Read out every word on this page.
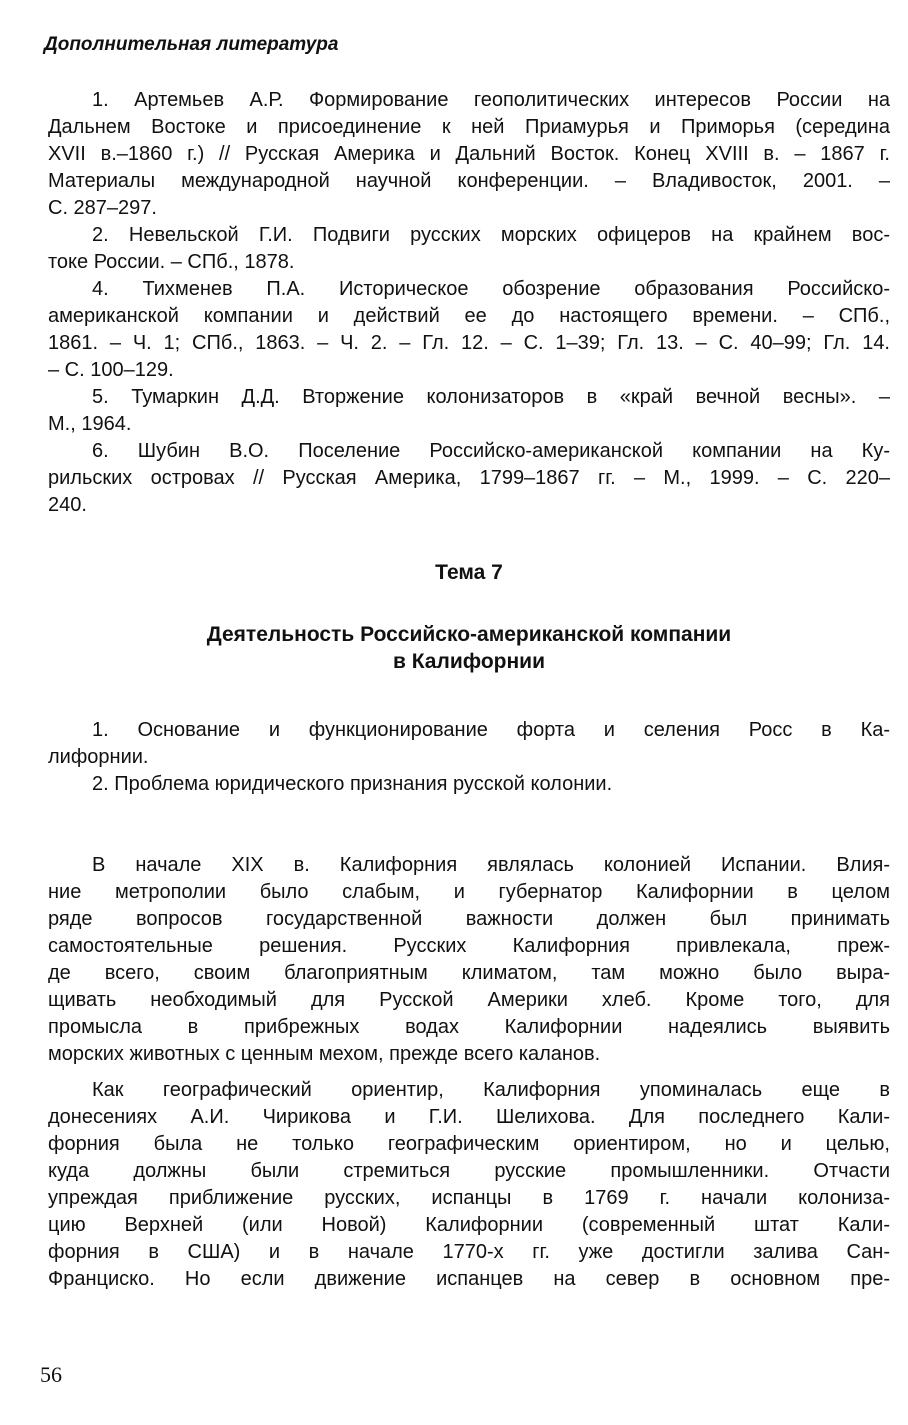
Дополнительная литература
1. Артемьев А.Р. Формирование геополитических интересов России на
Дальнем Востоке и присоединение к ней Приамурья и Приморья (середина
XVII в.–1860 г.) // Русская Америка и Дальний Восток. Конец XVIII в. – 1867 г.
Материалы международной научной конференции. – Владивосток, 2001. –
С. 287–297.
2. Невельской Г.И. Подвиги русских морских офицеров на крайнем вос-
токе России. – СПб., 1878.
4. Тихменев П.А. Историческое обозрение образования Российско-
американской компании и действий ее до настоящего времени. – СПб.,
1861. – Ч. 1; СПб., 1863. – Ч. 2. – Гл. 12. – С. 1–39; Гл. 13. – С. 40–99; Гл. 14.
– С. 100–129.
5. Тумаркин Д.Д. Вторжение колонизаторов в «край вечной весны». –
М., 1964.
6. Шубин В.О. Поселение Российско-американской компании на Ку-
рильских островах // Русская Америка, 1799–1867 гг. – М., 1999. – С. 220–
240.
Тема 7
Деятельность Российско-американской компании
в Калифорнии
1. Основание и функционирование форта и селения Росс в Ка-
лифорнии.
2. Проблема юридического признания русской колонии.
В начале XIX в. Калифорния являлась колонией Испании. Влия-
ние метрополии было слабым, и губернатор Калифорнии в целом
ряде вопросов государственной важности должен был принимать
самостоятельные решения. Русских Калифорния привлекала, преж-
де всего, своим благоприятным климатом, там можно было выра-
щивать необходимый для Русской Америки хлеб. Кроме того, для
промысла в прибрежных водах Калифорнии надеялись выявить
морских животных с ценным мехом, прежде всего каланов.
Как географический ориентир, Калифорния упоминалась еще в
донесениях А.И. Чирикова и Г.И. Шелихова. Для последнего Кали-
форния была не только географическим ориентиром, но и целью,
куда должны были стремиться русские промышленники. Отчасти
упреждая приближение русских, испанцы в 1769 г. начали колониза-
цию Верхней (или Новой) Калифорнии (современный штат Кали-
форния в США) и в начале 1770-х гг. уже достигли залива Сан-
Франциско. Но если движение испанцев на север в основном пре-
56
